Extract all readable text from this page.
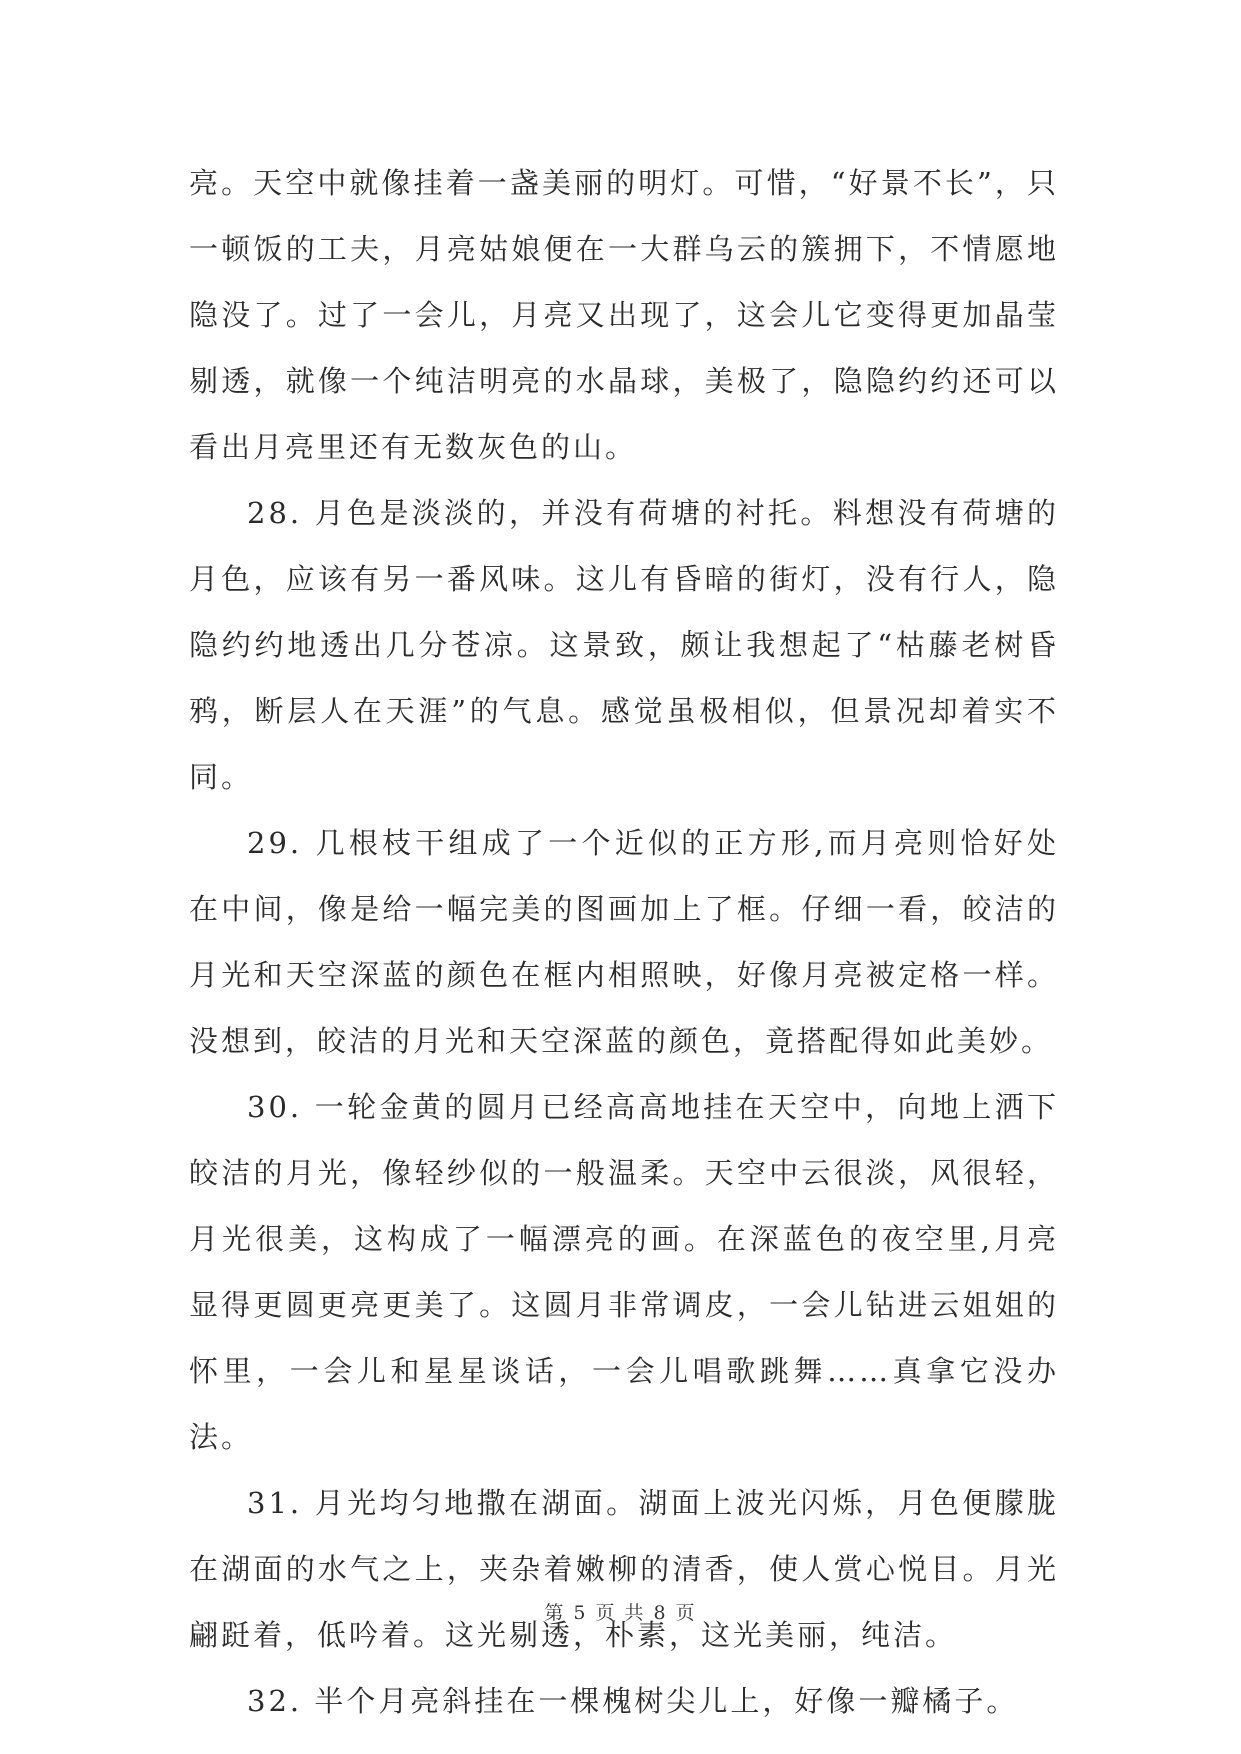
亮。天空中就像挂着一盏美丽的明灯。可惜，“好景不长”，只一顿饭的工夫，月亮姑娘便在一大群乌云的簇拥下，不情愿地隐没了。过了一会儿，月亮又出现了，这会儿它变得更加晶莹剔透，就像一个纯洁明亮的水晶球，美极了，隐隐约约还可以看出月亮里还有无数灰色的山。

28. 月色是淡淡的，并没有荷塘的衬托。料想没有荷塘的月色，应该有另一番风味。这儿有昏暗的街灯，没有行人，隐隐约约地透出几分苍凉。这景致，颇让我想起了“枯藤老树昏鸦，断层人在天涯”的气息。感觉虽极相似，但景况却着实不同。

29. 几根枝干组成了一个近似的正方形,而月亮则恰好处在中间，像是给一幅完美的图画加上了框。仔细一看，皎洁的月光和天空深蓝的颜色在框内相照映，好像月亮被定格一样。没想到，皎洁的月光和天空深蓝的颜色，竟搭配得如此美妙。

30. 一轮金黄的圆月已经高高地挂在天空中，向地上洒下皎洁的月光，像轻纱似的一般温柔。天空中云很淡，风很轻，月光很美，这构成了一幅漂亮的画。在深蓝色的夜空里,月亮显得更圆更亮更美了。这圆月非常调皮，一会儿钻进云姐姐的怀里，一会儿和星星谈话，一会儿唱歌跳舞……真拿它没办法。

31. 月光均匀地撒在湖面。湖面上波光闪烁，月色便朦胧在湖面的水气之上，夹杂着嫩柳的清香，使人赏心悦目。月光翩跹着，低吟着。这光剔透，朴素，这光美丽，纯洁。

32. 半个月亮斜挂在一棵槐树尖儿上，好像一瓣橘子。

第 5 页 共 8 页
